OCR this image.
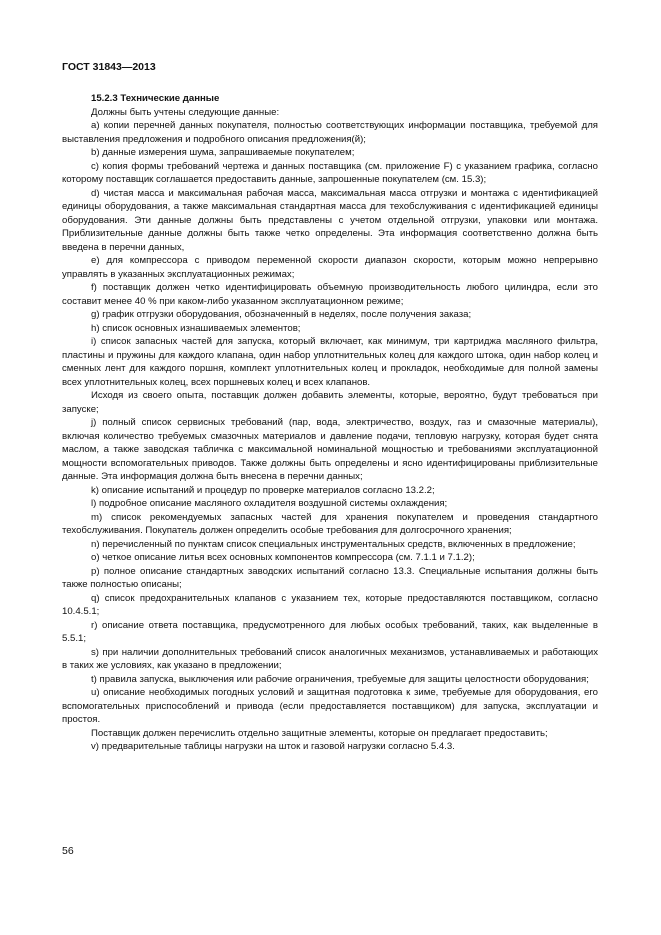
ГОСТ 31843—2013
15.2.3 Технические данные

Должны быть учтены следующие данные:

a) копии перечней данных покупателя, полностью соответствующих информации поставщика, требуемой для выставления предложения и подробного описания предложения(й);

b) данные измерения шума, запрашиваемые покупателем;

c) копия формы требований чертежа и данных поставщика (см. приложение F) с указанием графика, согласно которому поставщик соглашается предоставить данные, запрошенные покупателем (см. 15.3);

d) чистая масса и максимальная рабочая масса, максимальная масса отгрузки и монтажа с идентификацией единицы оборудования, а также максимальная стандартная масса для техобслуживания с идентификацией единицы оборудования. Эти данные должны быть представлены с учетом отдельной отгрузки, упаковки или монтажа. Приблизительные данные должны быть также четко определены. Эта информация соответственно должна быть введена в перечни данных,

e) для компрессора с приводом переменной скорости диапазон скорости, которым можно непрерывно управлять в указанных эксплуатационных режимах;

f) поставщик должен четко идентифицировать объемную производительность любого цилиндра, если это составит менее 40 % при каком-либо указанном эксплуатационном режиме;

g) график отгрузки оборудования, обозначенный в неделях, после получения заказа;

h) список основных изнашиваемых элементов;

i) список запасных частей для запуска, который включает, как минимум, три картриджа масляного фильтра, пластины и пружины для каждого клапана, один набор уплотнительных колец для каждого штока, один набор колец и сменных лент для каждого поршня, комплект уплотнительных колец и прокладок, необходимые для полной замены всех уплотнительных колец, всех поршневых колец и всех клапанов.

Исходя из своего опыта, поставщик должен добавить элементы, которые, вероятно, будут требоваться при запуске;

j) полный список сервисных требований (пар, вода, электричество, воздух, газ и смазочные материалы), включая количество требуемых смазочных материалов и давление подачи, тепловую нагрузку, которая будет снята маслом, а также заводская табличка с максимальной номинальной мощностью и требованиями эксплуатационной мощности вспомогательных приводов. Также должны быть определены и ясно идентифицированы приблизительные данные. Эта информация должна быть внесена в перечни данных;

k) описание испытаний и процедур по проверке материалов согласно 13.2.2;

l) подробное описание масляного охладителя воздушной системы охлаждения;

m) список рекомендуемых запасных частей для хранения покупателем и проведения стандартного техобслуживания. Покупатель должен определить особые требования для долгосрочного хранения;

n) перечисленный по пунктам список специальных инструментальных средств, включенных в предложение;

o) четкое описание литья всех основных компонентов компрессора (см. 7.1.1 и 7.1.2);

p) полное описание стандартных заводских испытаний согласно 13.3. Специальные испытания должны быть также полностью описаны;

q) список предохранительных клапанов с указанием тех, которые предоставляются поставщиком, согласно 10.4.5.1;

r) описание ответа поставщика, предусмотренного для любых особых требований, таких, как выделенные в 5.5.1;

s) при наличии дополнительных требований список аналогичных механизмов, устанавливаемых и работающих в таких же условиях, как указано в предложении;

t) правила запуска, выключения или рабочие ограничения, требуемые для защиты целостности оборудования;

u) описание необходимых погодных условий и защитная подготовка к зиме, требуемые для оборудования, его вспомогательных приспособлений и привода (если предоставляется поставщиком) для запуска, эксплуатации и простоя.

Поставщик должен перечислить отдельно защитные элементы, которые он предлагает предоставить;

v) предварительные таблицы нагрузки на шток и газовой нагрузки согласно 5.4.3.

56
